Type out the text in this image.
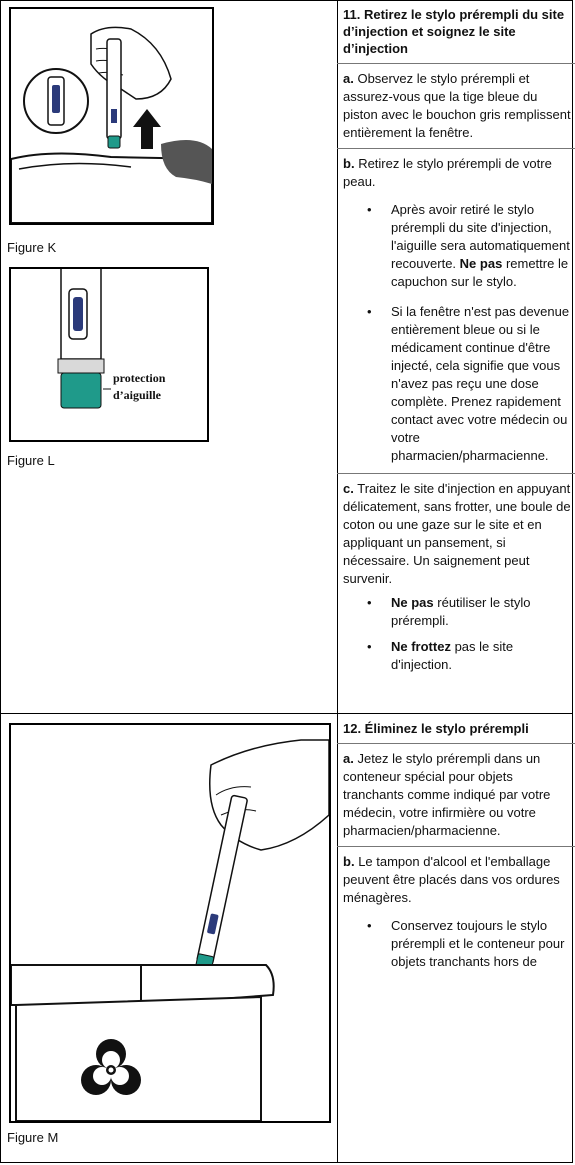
Figure K
protection
d’aiguille
Figure L
Figure M
11. Retirez le stylo prérempli du site d’injection et soignez le site d’injection

a. Observez le stylo prérempli et assurez-vous que la tige bleue du piston avec le bouchon gris remplissent entièrement la fenêtre.

b. Retirez le stylo prérempli de votre peau.

• Après avoir retiré le stylo prérempli du site d'injection, l'aiguille sera automatiquement recouverte. Ne pas remettre le capuchon sur le stylo.
• Si la fenêtre n'est pas devenue entièrement bleue ou si le médicament continue d'être injecté, cela signifie que vous n'avez pas reçu une dose complète. Prenez rapidement contact avec votre médecin ou votre pharmacien/pharmacienne.

c. Traitez le site d'injection en appuyant délicatement, sans frotter, une boule de coton ou une gaze sur le site et en appliquant un pansement, si nécessaire. Un saignement peut survenir.

• Ne pas réutiliser le stylo prérempli.
• Ne frottez pas le site d'injection.
12. Éliminez le stylo prérempli

a. Jetez le stylo prérempli dans un conteneur spécial pour objets tranchants comme indiqué par votre médecin, votre infirmière ou votre pharmacien/pharmacienne.

b. Le tampon d'alcool et l'emballage peuvent être placés dans vos ordures ménagères.

• Conservez toujours le stylo prérempli et le conteneur pour objets tranchants hors de
